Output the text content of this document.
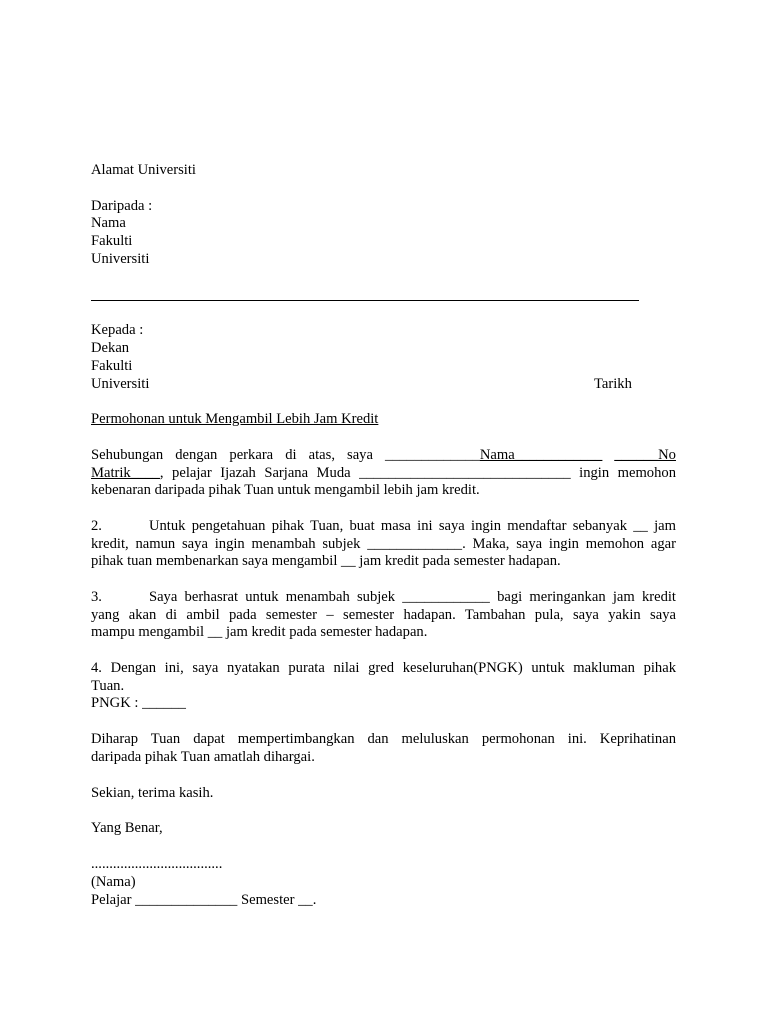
Alamat Universiti
Daripada :
Nama
Fakulti
Universiti
Kepada :
Dekan
Fakulti
Universiti	Tarikh
Permohonan untuk Mengambil Lebih Jam Kredit
Sehubungan dengan perkara di atas, saya _____________Nama____________ ______No
Matrik____, pelajar Ijazah Sarjana Muda _____________________________ ingin memohon
kebenaran daripada pihak Tuan untuk mengambil lebih jam kredit.
2.	Untuk pengetahuan pihak Tuan, buat masa ini saya ingin mendaftar sebanyak __ jam
kredit, namun saya ingin menambah subjek _____________. Maka, saya ingin memohon agar
pihak tuan membenarkan saya mengambil __ jam kredit pada semester hadapan.
3.	Saya berhasrat untuk menambah subjek ____________ bagi meringankan jam kredit
yang akan di ambil pada semester – semester hadapan. Tambahan pula, saya yakin saya
mampu mengambil __ jam kredit pada semester hadapan.
4. Dengan ini, saya nyatakan purata nilai gred keseluruhan(PNGK) untuk makluman pihak
Tuan.
PNGK : ______
Diharap Tuan dapat mempertimbangkan dan meluluskan permohonan ini. Keprihatinan
daripada pihak Tuan amatlah dihargai.
Sekian, terima kasih.
Yang Benar,
....................................
(Nama)
Pelajar ______________ Semester __.
